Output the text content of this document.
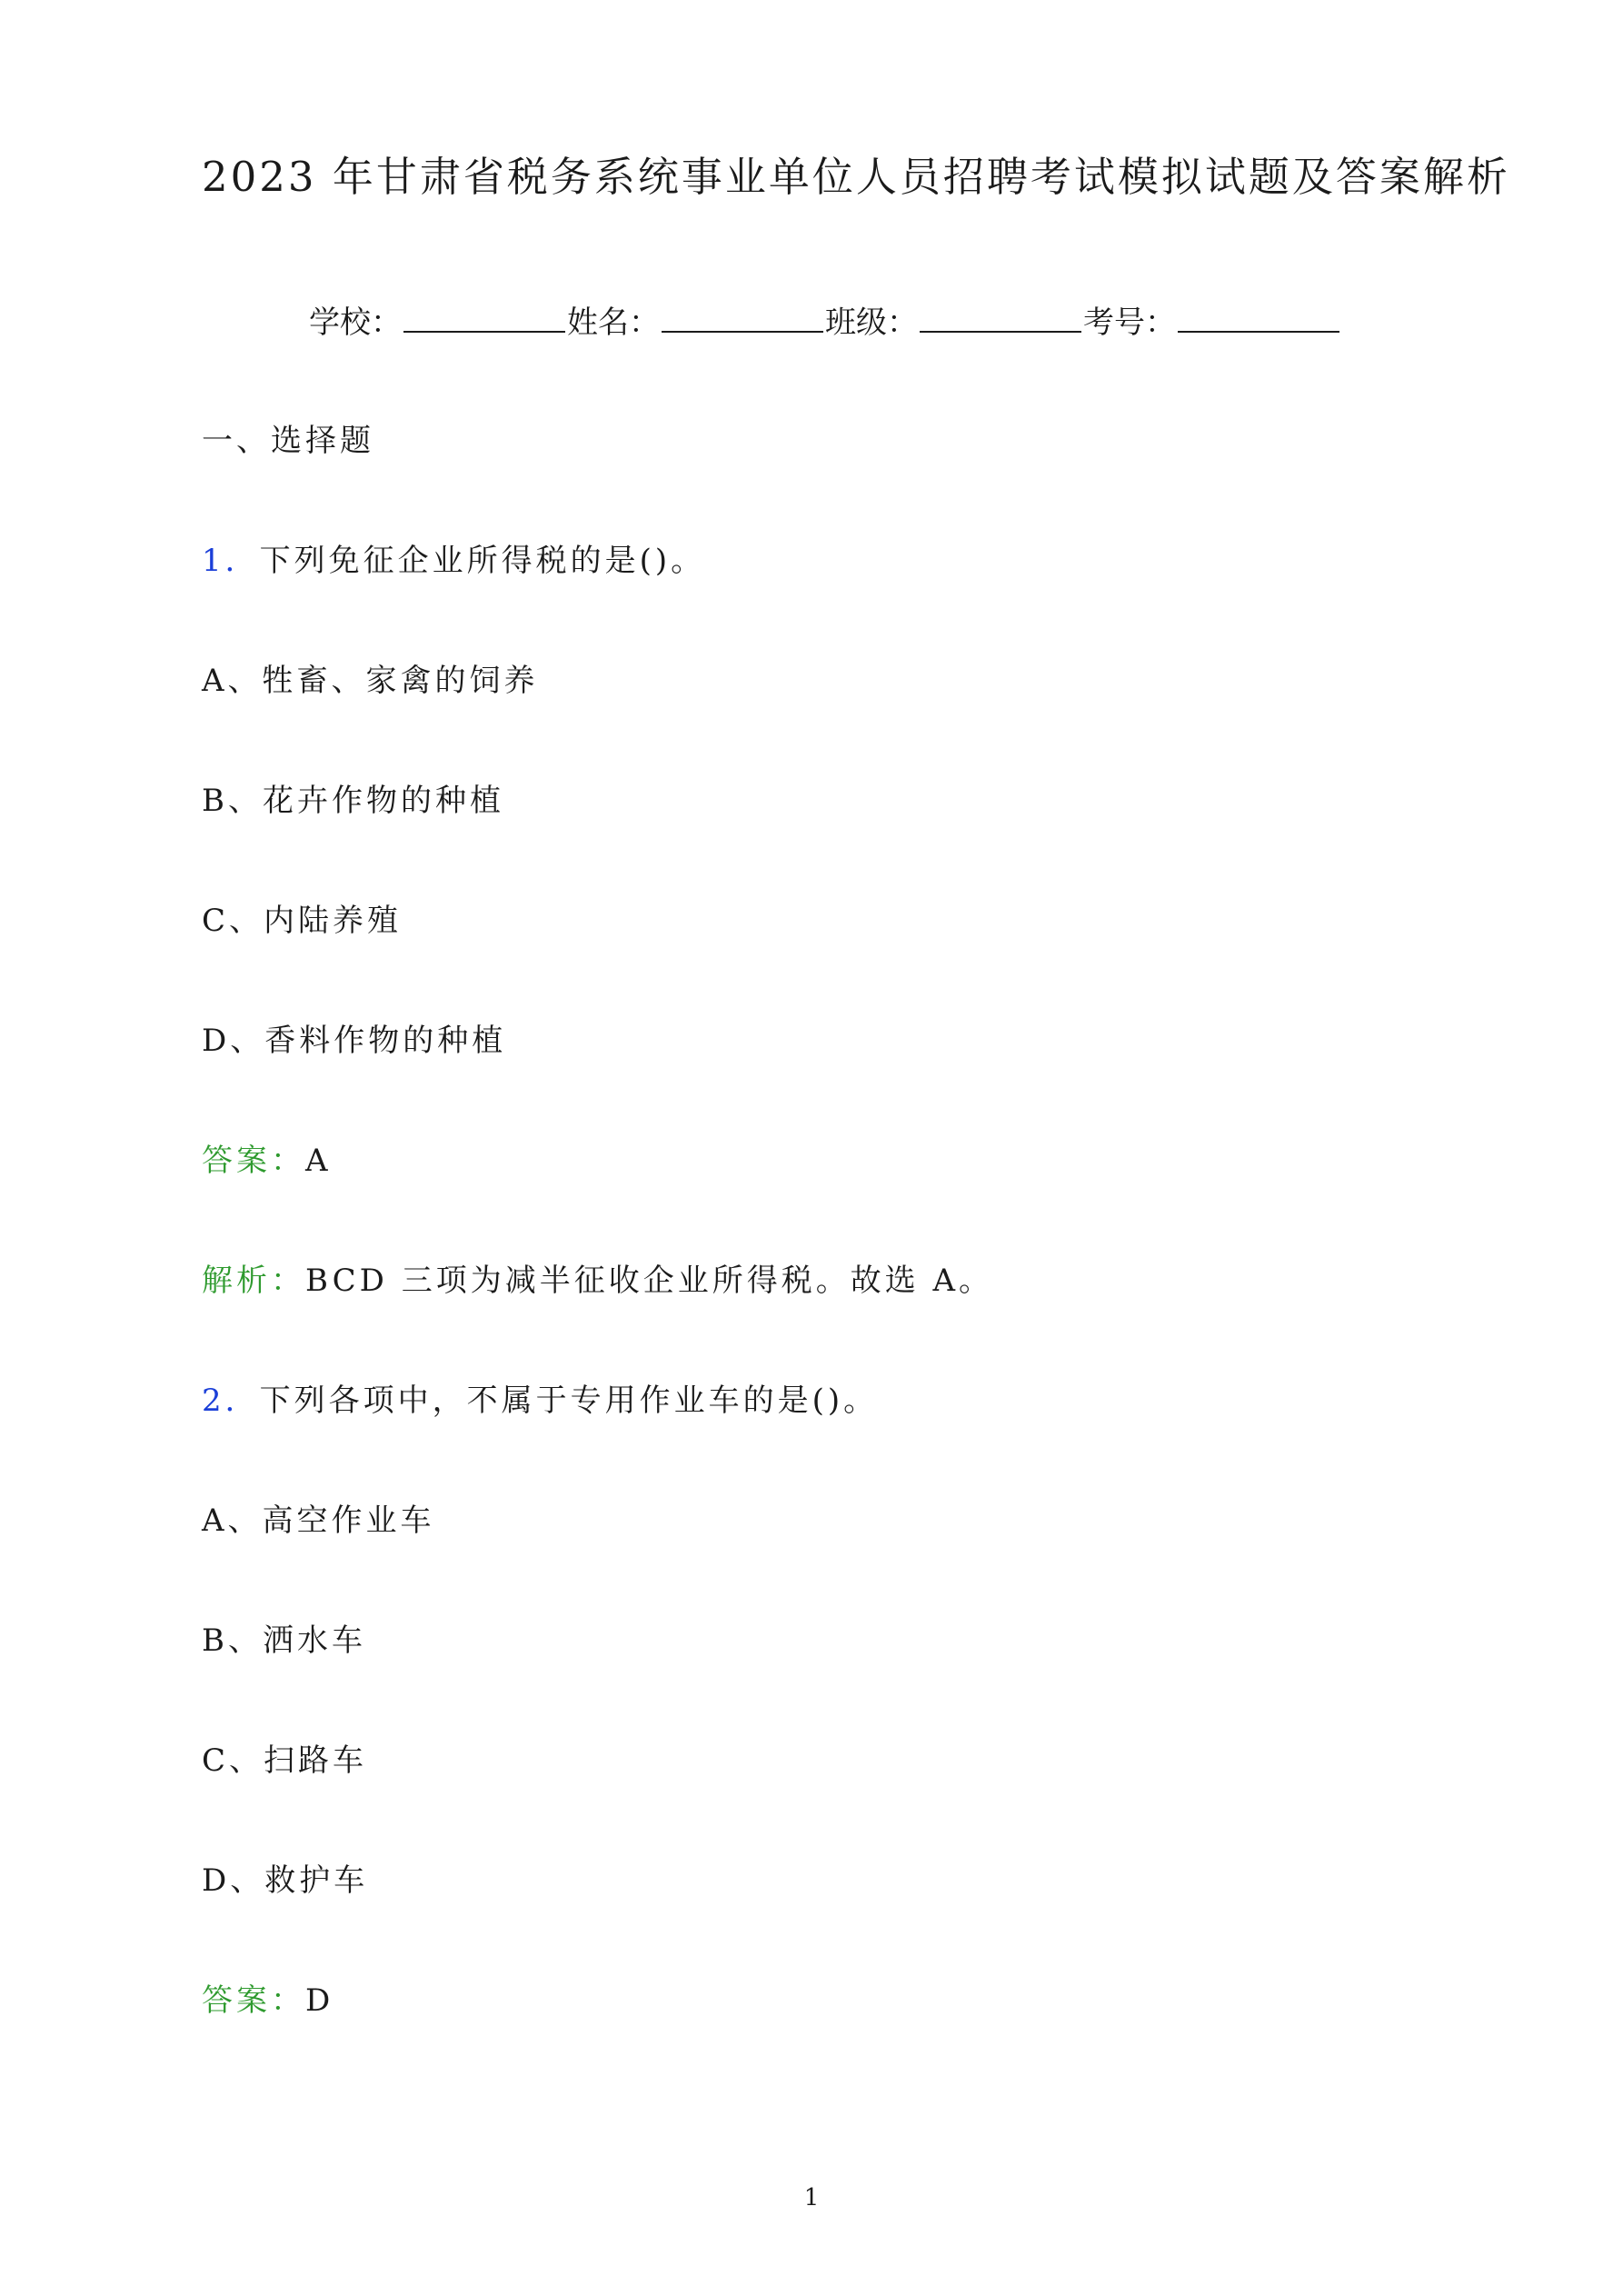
2023 年甘肃省税务系统事业单位人员招聘考试模拟试题及答案解析
学校：	姓名：	班级：	考号：
一、选择题
1．下列免征企业所得税的是()。
A、牲畜、家禽的饲养
B、花卉作物的种植
C、内陆养殖
D、香料作物的种植
答案：A
解析：BCD 三项为减半征收企业所得税。故选 A。
2．下列各项中，不属于专用作业车的是()。
A、高空作业车
B、洒水车
C、扫路车
D、救护车
答案：D
1
